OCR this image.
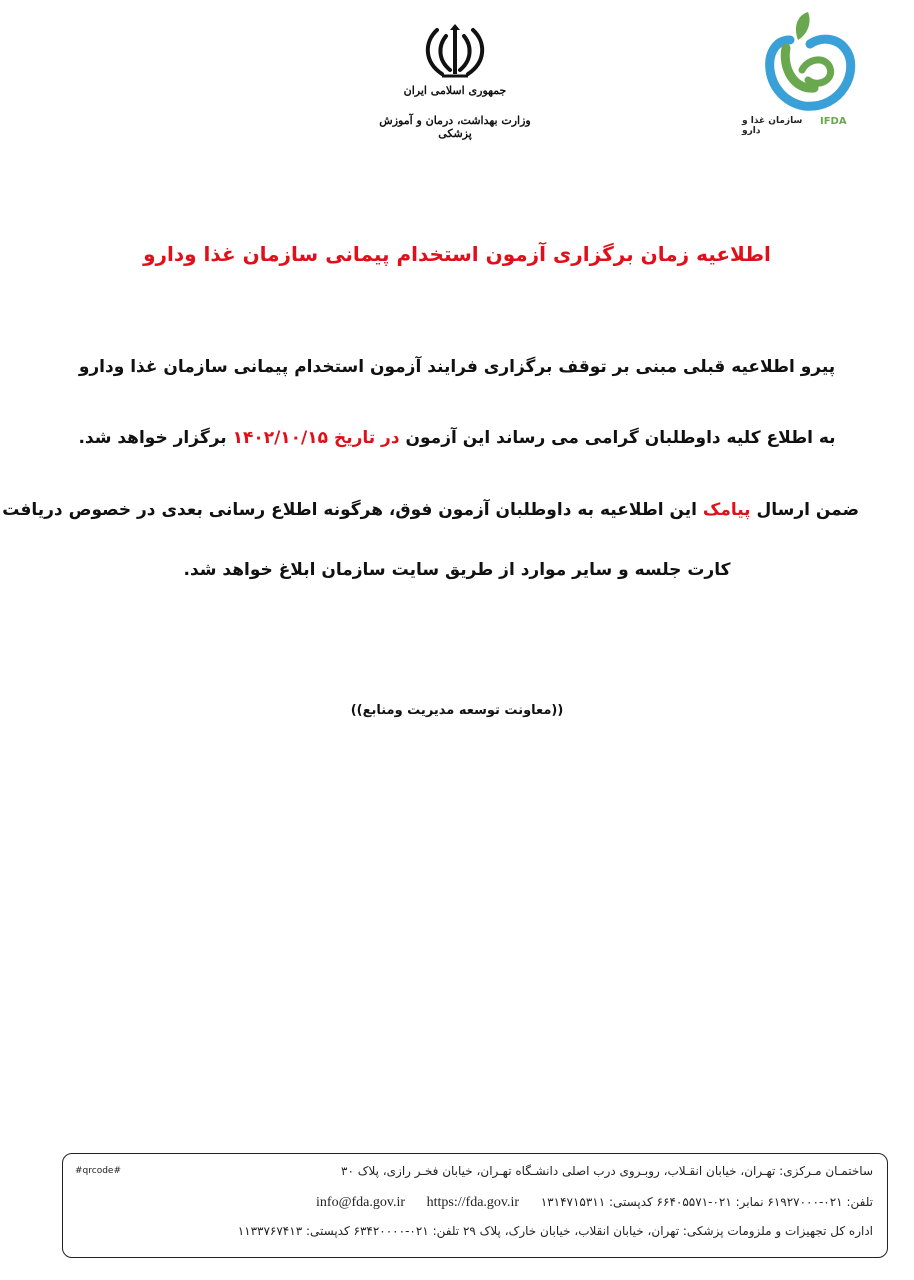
جمهوری اسلامی ایران
وزارت بهداشت، درمان و آموزش پزشکی
سازمان غذا و دارو
IFDA
اطلاعیه زمان برگزاری آزمون استخدام پیمانی سازمان غذا ودارو
پیرو اطلاعیه قبلی مبنی بر توقف برگزاری فرایند آزمون استخدام پیمانی سازمان غذا ودارو
به اطلاع کلیه داوطلبان گرامی می رساند این آزمون در تاریخ ۱۴۰۲/۱۰/۱۵ برگزار خواهد شد.
ضمن ارسال پیامک این اطلاعیه به داوطلبان آزمون فوق، هرگونه اطلاع رسانی بعدی در خصوص دریافت
کارت جلسه و سایر موارد از طریق سایت سازمان ابلاغ خواهد شد.
((معاونت توسعه مدیریت ومنابع))
#qrcode#	ساختمـان مـرکزی: تهـران، خیابان انقـلاب، روبـروی درب اصلی دانشـگاه تهـران، خیابان فخـر رازی، پلاک ۳۰
تلفن: ۰۲۱-۶۱۹۲۷۰۰۰ نمابر: ۰۲۱-۶۶۴۰۵۵۷۱ کدپستی: ۱۳۱۴۷۱۵۳۱۱  info@fda.gov.ir https://fda.gov.ir
اداره کل تجهیزات و ملزومات پزشکی: تهران، خیابان انقلاب، خیابان خارک، پلاک ۲۹ تلفن: ۰۲۱-۶۳۴۲۰۰۰۰ کدپستی: ۱۱۳۳۷۶۷۴۱۳
